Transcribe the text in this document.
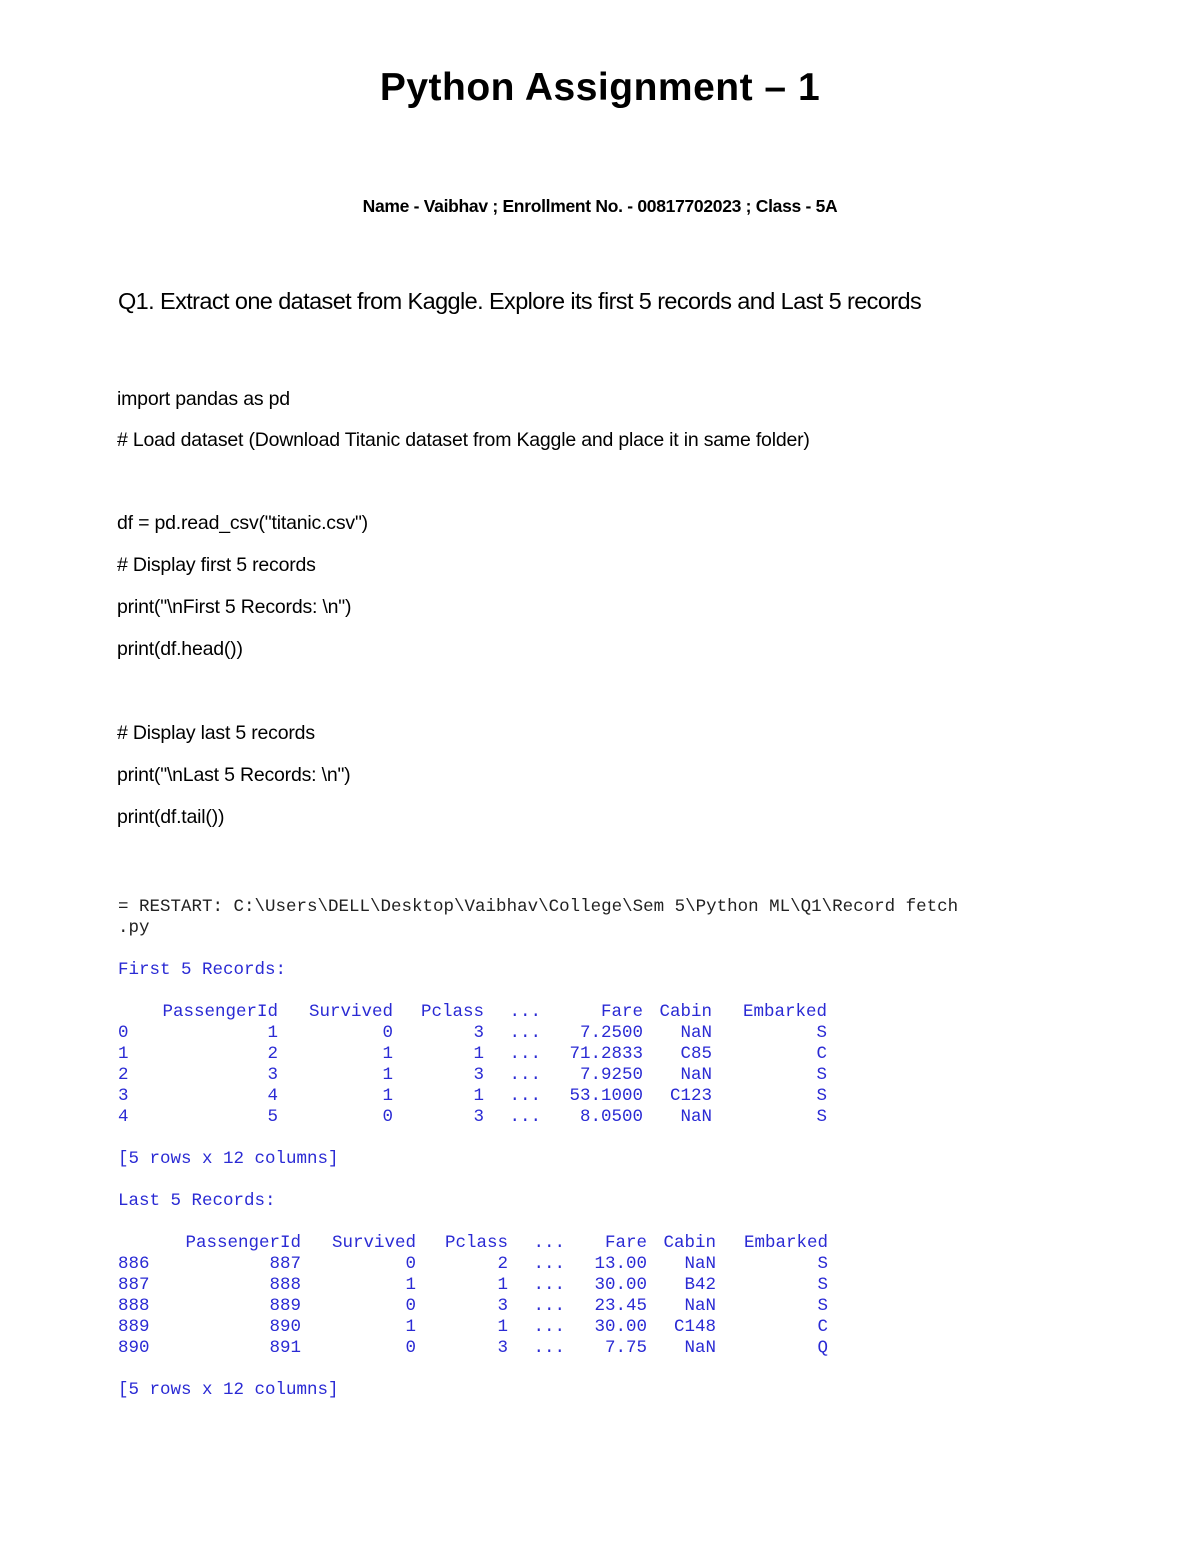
Python Assignment – 1
Name - Vaibhav ; Enrollment No. - 00817702023 ; Class - 5A
Q1. Extract one dataset from Kaggle. Explore its first 5 records and Last 5 records
import pandas as pd
# Load dataset (Download Titanic dataset from Kaggle and place it in same folder)
df = pd.read_csv("titanic.csv")
# Display first 5 records
print("\nFirst 5 Records: \n")
print(df.head())
# Display last 5 records
print("\nLast 5 Records: \n")
print(df.tail())
= RESTART: C:\Users\DELL\Desktop\Vaibhav\College\Sem 5\Python ML\Q1\Record fetch
.py
First 5 Records:
	PassengerId	Survived	Pclass	...	Fare	Cabin	Embarked
0	1	0	3	...	7.2500	NaN	S
1	2	1	1	...	71.2833	C85	C
2	3	1	3	...	7.9250	NaN	S
3	4	1	1	...	53.1000	C123	S
4	5	0	3	...	8.0500	NaN	S
[5 rows x 12 columns]
Last 5 Records:
	PassengerId	Survived	Pclass	...	Fare	Cabin	Embarked
886	887	0	2	...	13.00	NaN	S
887	888	1	1	...	30.00	B42	S
888	889	0	3	...	23.45	NaN	S
889	890	1	1	...	30.00	C148	C
890	891	0	3	...	7.75	NaN	Q
[5 rows x 12 columns]
